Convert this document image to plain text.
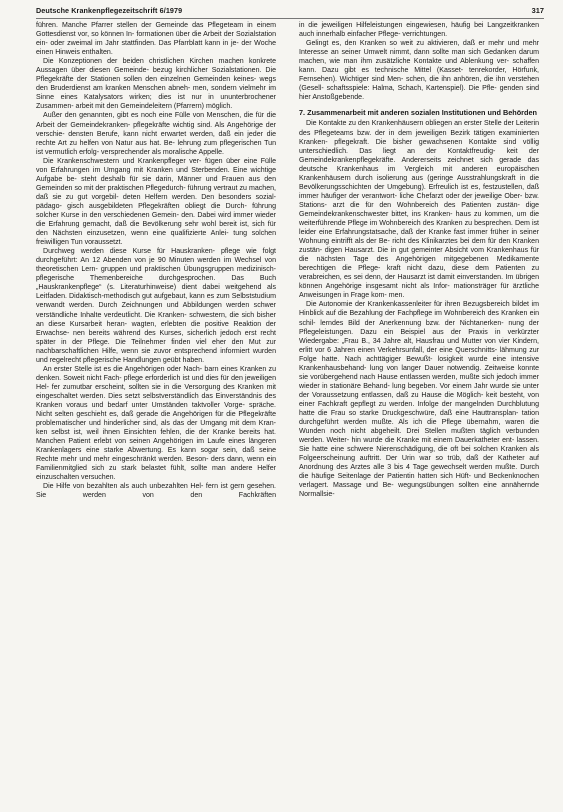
Deutsche Krankenpflegezeitschrift 6/1979	317

führen. Manche Pfarrer stellen der Gemeinde das Pflegeteam in einem Gottesdienst vor, so können In- formationen über die Arbeit der Sozialstation ein- oder zweimal im Jahr stattfinden. Das Pfarrblatt kann in je- der Woche einen Hinweis enthalten.

Die Konzeptionen der beiden christlichen Kirchen machen konkrete Aussagen über diesen Gemeinde- bezug kirchlicher Sozialstationen. Die Pflegekräfte der Stationen sollen den einzelnen Gemeinden keines- wegs den Bruderdienst am kranken Menschen abneh- men, sondern vielmehr im Sinne eines Katalysators wirken; dies ist nur in ununterbrochener Zusammen- arbeit mit den Gemeindeleitern (Pfarrern) möglich.

Außer den genannten, gibt es noch eine Fülle von Menschen, die für die Arbeit der Gemeindekranken- pflegekräfte wichtig sind. Als Angehörige der verschie- densten Berufe, kann nicht erwartet werden, daß ein jeder die rechte Art zu helfen von Natur aus hat. Be- lehrung zum pflegerischen Tun ist vermutlich erfolg- versprechender als moralische Appelle.

Die Krankenschwestern und Krankenpfleger ver- fügen über eine Fülle von Erfahrungen im Umgang mit Kranken und Sterbenden. Eine wichtige Aufgabe be- steht deshalb für sie darin, Männer und Frauen aus den Gemeinden so mit der praktischen Pflegedurch- führung vertraut zu machen, daß sie zu gut vorgebil- deten Helfern werden. Den besonders sozial-pädago- gisch ausgebildeten Pflegekräften obliegt die Durch- führung solcher Kurse in den verschiedenen Gemein- den. Dabei wird immer wieder die Erfahrung gemacht, daß die Bevölkerung sehr wohl bereit ist, sich für den Nächsten einzusetzen, wenn eine qualifizierte Anlei- tung solchen freiwilligen Tun voraussetzt.

Durchweg werden diese Kurse für Hauskranken- pflege wie folgt durchgeführt: An 12 Abenden von je 90 Minuten werden im Wechsel von theoretischen Lern- gruppen und praktischen Übungsgruppen medizinisch- pflegerische Themenbereiche durchgesprochen. Das Buch „Hauskrankenpflege“ (s. Literaturhinweise) dient dabei weitgehend als Leitfaden. Didaktisch-methodisch gut aufgebaut, kann es zum Selbststudium verwandt werden. Durch Zeichnungen und Abbildungen werden schwer verständliche Inhalte verdeutlicht. Die Kranken- schwestern, die sich bisher an diese Kursarbeit heran- wagten, erlebten die positive Reaktion der Erwachse- nen bereits während des Kurses, sicherlich jedoch erst recht später in der Pflege. Die Teilnehmer finden viel eher den Mut zur nachbarschaftlichen Hilfe, wenn sie zuvor entsprechend informiert wurden und regelrecht pflegerische Handlungen geübt haben.

An erster Stelle ist es die Angehörigen oder Nach- barn eines Kranken zu denken. Soweit nicht Fach- pflege erforderlich ist und dies für den jeweiligen Hel- fer zumutbar erscheint, sollten sie in die Versorgung des Kranken mit eingeschaltet werden. Dies setzt selbstverständlich das Einverständnis des Kranken voraus und bedarf unter Umständen taktvoller Vorge- spräche. Nicht selten geschieht es, daß gerade die Angehörigen für die Pflegekräfte problematischer und hinderlicher sind, als das der Umgang mit dem Kran- ken selbst ist, weil ihnen Einsichten fehlen, die der Kranke bereits hat. Manchen Patient erlebt von seinen Angehörigen im Laufe eines längeren Krankenlagers eine starke Abwertung. Es kann sogar sein, daß seine Rechte mehr und mehr eingeschränkt werden. Beson- ders dann, wenn ein Familienmitglied sich zu stark belastet fühlt, sollte man andere Helfer einzuschalten versuchen.

Die Hilfe von bezahlten als auch unbezahlten Hel- fern ist gern gesehen. Sie werden von den Fachkräften

in die jeweiligen Hilfeleistungen eingewiesen, häufig bei Langzeitkranken auch innerhalb einfacher Pflege- verrichtungen.

Gelingt es, den Kranken so weit zu aktivieren, daß er mehr und mehr Interesse an seiner Umwelt nimmt, dann sollte man sich Gedanken darum machen, wie man ihm zusätzliche Kontakte und Ablenkung ver- schaffen kann. Dazu gibt es technische Mittel (Kasset- tenrekorder, Hörfunk, Fernsehen). Wichtiger sind Men- schen, die ihn anhören, die ihn verstehen (Gesell- schaftsspiele: Halma, Schach, Kartenspiel). Die Pfle- genden sind hier Anstoßgebende.

7. Zusammenarbeit mit anderen sozialen Institutionen und Behörden

Die Kontakte zu den Krankenhäusern obliegen an erster Stelle der Leiterin des Pflegeteams bzw. der in dem jeweiligen Bezirk tätigen examinierten Kranken- pflegekraft. Die bisher gewachsenen Kontakte sind völlig unterschiedlich. Das liegt an der Kontaktfreudig- keit der Gemeindekrankenpflegekräfte. Andererseits zeichnet sich gerade das deutsche Krankenhaus im Vergleich mit anderen europäischen Krankenhäusern durch isolierung aus (geringe Ausstrahlungskraft in die Bevölkerungsschichten der Umgebung). Erfreulich ist es, festzustellen, daß immer häufiger der verantwort- liche Chefarzt oder der jeweilige Ober- bzw. Stations- arzt die für den Wohnbereich des Patienten zustän- dige Gemeindekrankenschwester bittet, ins Kranken- haus zu kommen, um die weiterführende Pflege im Wohnbereich des Kranken zu besprechen. Dem ist leider eine Erfahrungstatsache, daß der Kranke fast immer früher in seiner Wohnung eintrifft als der Be- richt des Klinikarztes bei dem für den Kranken zustän- digen Hausarzt. Die in gut gemeinter Absicht vom Krankenhaus für die nächsten Tage des Angehörigen mitgegebenen Medikamente berechtigen die Pflege- kraft nicht dazu, diese dem Patienten zu verabreichen, es sei denn, der Hausarzt ist damit einverstanden. Im übrigen können Angehörige insgesamt nicht als Infor- mationsträger für ärztliche Anweisungen in Frage kom- men.

Die Autonomie der Krankenkassenleiter für ihren Bezugsbereich bildet im Hinblick auf die Bezahlung der Fachpflege im Wohnbereich des Kranken ein schil- lerndes Bild der Anerkennung bzw. der Nichtanerken- nung der Pflegeleistungen. Dazu ein Beispiel aus der Praxis in verkürzter Wiedergabe: „Frau B., 34 Jahre alt, Hausfrau und Mutter von vier Kindern, erlitt vor 6 Jahren einen Verkehrsunfall, der eine Querschnitts- lähmung zur Folge hatte. Nach achttägiger Bewußt- losigkeit wurde eine intensive Krankenhausbehand- lung von langer Dauer notwendig. Zeitweise konnte sie vorübergehend nach Hause entlassen werden, mußte sich jedoch immer wieder in stationäre Behand- lung begeben. Vor einem Jahr wurde sie unter der Voraussetzung entlassen, daß zu Hause die Möglich- keit besteht, von einer Fachkraft gepflegt zu werden. Infolge der mangelnden Durchblutung hatte die Frau so starke Druckgeschwüre, daß eine Hauttransplan- tation durchgeführt werden mußte. Als ich die Pflege übernahm, waren die Wunden noch nicht abgeheilt. Drei Stellen mußten täglich verbunden werden. Weiter- hin wurde die Kranke mit einem Dauerkatheter ent- lassen. Sie hatte eine schwere Nierenschädigung, die oft bei solchen Kranken als Folgeerscheinung auftritt. Der Urin war so trüb, daß der Katheter auf Anordnung des Arztes alle 3 bis 4 Tage gewechselt werden mußte. Durch die häufige Seitenlage der Patientin hatten sich Hüft- und Beckenknochen verlagert. Massage und Be- wegungsübungen sollten eine annähernde Normallsie-
